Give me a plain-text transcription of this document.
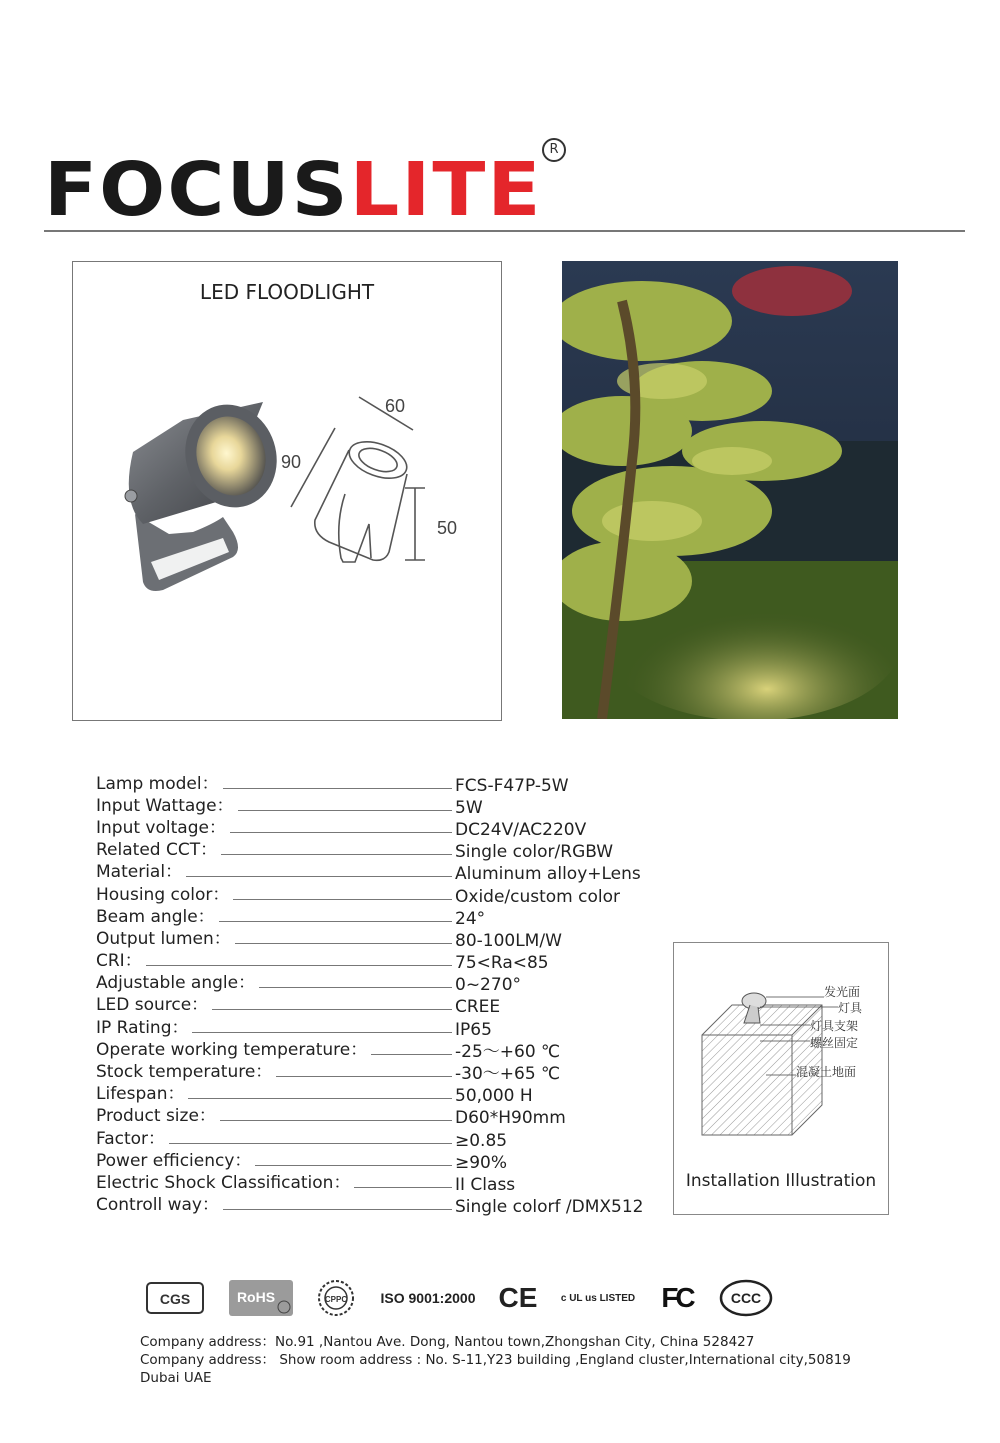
FOCUSLITE R
LED FLOODLIGHT
60
90
50
Lamp model：	FCS-F47P-5W
Input Wattage：	5W
Input voltage：	DC24V/AC220V
Related CCT：	Single color/RGBW
Material：	Aluminum alloy+Lens
Housing color：	Oxide/custom color
Beam angle：	24°
Output lumen：	80-100LM/W
CRI：	75<Ra<85
Adjustable angle：	0~270°
LED source：	CREE
IP Rating：	IP65
Operate working temperature：	-25～+60 ℃
Stock temperature：	-30～+65 ℃
Lifespan：	50,000 H
Product size：	D60*H90mm
Factor：	≥0.85
Power efficiency：	≥90%
Electric Shock Classification：	II Class
Controll way：	Single colorf /DMX512
发光面
灯具
灯具支架
螺丝固定
混凝土地面
Installation Illustration
CGS	RoHS	CPPC	ISO 9001:2000 CE	c UL us LISTED FC	CCC
Company address：No.91 ,Nantou Ave. Dong, Nantou town,Zhongshan City, China 528427
Company address： Show room address : No. S-11,Y23 building ,England cluster,International city,50819 Dubai UAE
